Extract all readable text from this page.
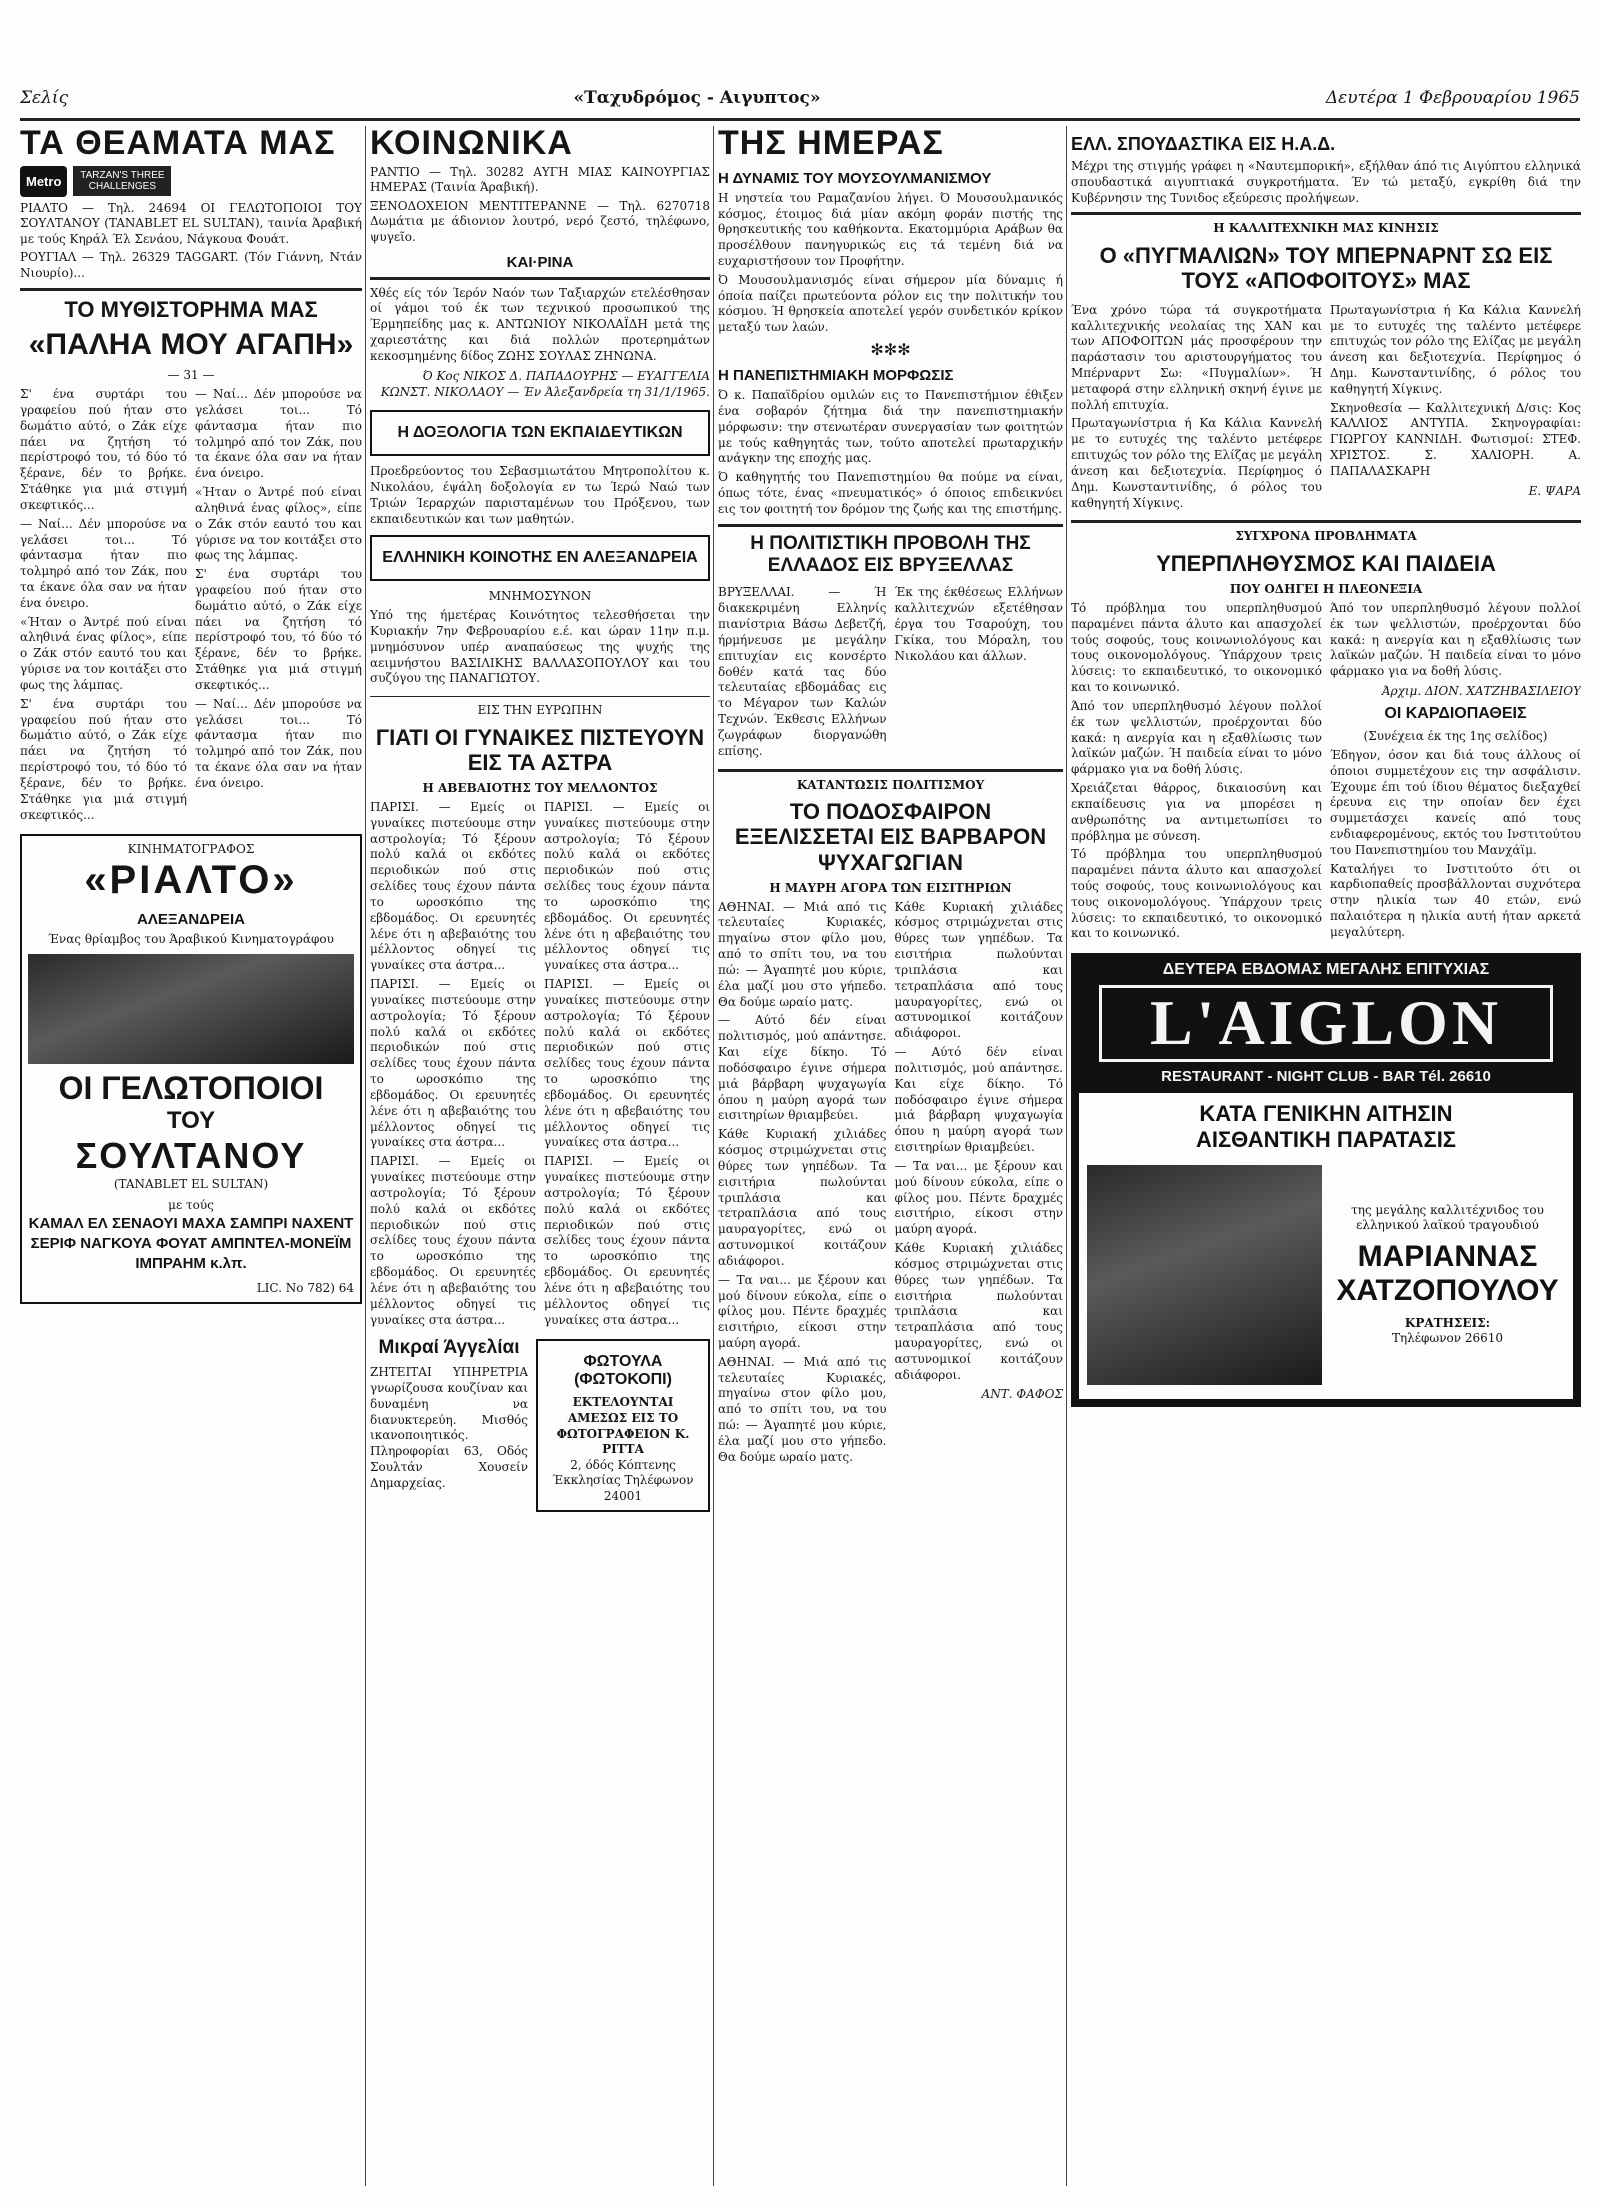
Σελίς	«Ταχυδρόμος - Αιγυπτος»	Δευτέρα 1 Φεβρουαρίου 1965
ΤΑ ΘΕΑΜΑΤΑ ΜΑΣ
Metro	TARZAN'S THREE CHALLENGES

ΡΙΑΛΤΟ — Τηλ. 24694 ΟΙ ΓΕΛΩΤΟΠΟΙΟΙ ΤΟΥ ΣΟΥΛΤΑΝΟΥ (TANABLET EL SULTAN), ταινία Άραβική με τούς Κηράλ Έλ Σενάου, Νάγκουα Φουάτ.

ΡΟΥΓΙΑΛ — Τηλ. 26329 TAGGART. (Τόν Γιάννη, Ντάν Νιουρίο)...

ΤΟ ΜΥΘΙΣΤΟΡΗΜΑ ΜΑΣ
«ΠΑΛΗΑ ΜΟΥ ΑΓΑΠΗ»
— 31 —

Σ' ένα συρτάρι του γραφείου πού ήταν στο δωμάτιο αύτό, ο Ζάκ είχε πάει να ζητήση τό περίστροφό του, τό δύο τό ξέρανε, δέν το βρήκε. Στάθηκε για μιά στιγμή σκεφτικός...

— Ναί... Δέν μπορούσε να γελάσει τοι... Τό φάντασμα ήταν πιο τολμηρό από τον Ζάκ, που τα έκανε όλα σαν να ήταν ένα όνειρο.

«Ήταν ο Άντρέ πού είναι αληθινά ένας φίλος», είπε ο Ζάκ στόν εαυτό του και γύρισε να τον κοιτάξει στο φως της λάμπας.

Σ' ένα συρτάρι του γραφείου πού ήταν στο δωμάτιο αύτό, ο Ζάκ είχε πάει να ζητήση τό περίστροφό του, τό δύο τό ξέρανε, δέν το βρήκε. Στάθηκε για μιά στιγμή σκεφτικός...

— Ναί... Δέν μπορούσε να γελάσει τοι... Τό φάντασμα ήταν πιο τολμηρό από τον Ζάκ, που τα έκανε όλα σαν να ήταν ένα όνειρο.

«Ήταν ο Άντρέ πού είναι αληθινά ένας φίλος», είπε ο Ζάκ στόν εαυτό του και γύρισε να τον κοιτάξει στο φως της λάμπας.

Σ' ένα συρτάρι του γραφείου πού ήταν στο δωμάτιο αύτό, ο Ζάκ είχε πάει να ζητήση τό περίστροφό του, τό δύο τό ξέρανε, δέν το βρήκε. Στάθηκε για μιά στιγμή σκεφτικός...

— Ναί... Δέν μπορούσε να γελάσει τοι... Τό φάντασμα ήταν πιο τολμηρό από τον Ζάκ, που τα έκανε όλα σαν να ήταν ένα όνειρο.

ΚΙΝΗΜΑΤΟΓΡΑΦΟΣ
«ΡΙΑΛΤΟ»
ΑΛΕΞΑΝΔΡΕΙΑ
Ένας θρίαμβος του Άραβικού Κινηματογράφου
ΟΙ ΓΕΛΩΤΟΠΟΙΟΙ
ΤΟΥ
ΣΟΥΛΤΑΝΟΥ
(TANABLET EL SULTAN)
με τούς
ΚΑΜΑΛ ΕΛ ΣΕΝΑΟΥΙ ΜΑΧΑ ΣΑΜΠΡΙ ΝΑΧΕΝΤ ΣΕΡΙΦ ΝΑΓΚΟΥΑ ΦΟΥΑΤ ΑΜΠΝΤΕΛ-ΜΟΝΕΪΜ ΙΜΠΡΑΗΜ κ.λπ.
LIC. No 782) 64
ΚΟΙΝΩΝΙΚΑ

ΡΑΝΤΙΟ — Τηλ. 30282 ΑΥΓΗ ΜΙΑΣ ΚΑΙΝΟΥΡΓΙΑΣ ΗΜΕΡΑΣ (Ταινία Άραβική).

ΞΕΝΟΔΟΧΕΙΟΝ ΜΕΝΤΙΤΕΡΑΝΝΕ — Τηλ. 6270718 Δωμάτια με άδιονιον λουτρό, νερό ζεστό, τηλέφωνο, ψυγεῖο.

ΚΑΙ·ΡΙΝΑ

Χθές είς τόν Ίερόν Ναόν των Ταξιαρχών ετελέσθησαν οί γάμοι τού έκ των τεχνικού προσωπικού της Έρμηπείδης μας κ. ΑΝΤΩΝΙΟΥ ΝΙΚΟΛΑΪΔΗ μετά της χαριεστάτης και διά πολλών προτερημάτων κεκοσμημένης δίδος ΖΩΗΣ ΣΟΥΛΑΣ ΖΗΝΩΝΑ.

Ό Κος ΝΙΚΟΣ Δ. ΠΑΠΑΔΟΥΡΗΣ — ΕΥΑΓΓΕΛΙΑ ΚΩΝΣΤ. ΝΙΚΟΛΑΟΥ — Έν Άλεξανδρεία τη 31/1/1965.

Η ΔΟΞΟΛΟΓΙΑ ΤΩΝ ΕΚΠΑΙΔΕΥΤΙΚΩΝ

Προεδρεύοντος του Σεβασμιωτάτου Μητροπολίτου κ. Νικολάου, έψάλη δοξολογία εν τω Ίερώ Ναώ των Τριών Ίεραρχών παρισταμένων του Πρόξενου, των εκπαιδευτικών και των μαθητών.

ΕΛΛΗΝΙΚΗ ΚΟΙΝΟΤΗΣ ΕΝ ΑΛΕΞΑΝΔΡΕΙΑ
ΜΝΗΜΟΣΥΝΟΝ

Υπό της ήμετέρας Κοινότητος τελεσθήσεται την Κυριακήν 7ην Φεβρουαρίου ε.έ. και ώραν 11ην π.μ. μνημόσυνον υπέρ αναπαύσεως της ψυχής της αειμνήστου ΒΑΣΙΛΙΚΗΣ ΒΑΛΛΑΣΟΠΟΥΛΟΥ και του συζύγου της ΠΑΝΑΓΙΩΤΟΥ.

ΕΙΣ ΤΗΝ ΕΥΡΩΠΗΝ
ΓΙΑΤΙ ΟΙ ΓΥΝΑΙΚΕΣ ΠΙΣΤΕΥΟΥΝ ΕΙΣ ΤΑ ΑΣΤΡΑ
Η ΑΒΕΒΑΙΟΤΗΣ ΤΟΥ ΜΕΛΛΟΝΤΟΣ

ΠΑΡΙΣΙ. — Εμείς οι γυναίκες πιστεύουμε στην αστρολογία; Τό ξέρουν πολύ καλά οι εκδότες περιοδικών πού στις σελίδες τους έχουν πάντα το ωροσκόπιο της εβδομάδος. Οι ερευνητές λένε ότι η αβεβαιότης του μέλλοντος οδηγεί τις γυναίκες στα άστρα...

ΠΑΡΙΣΙ. — Εμείς οι γυναίκες πιστεύουμε στην αστρολογία; Τό ξέρουν πολύ καλά οι εκδότες περιοδικών πού στις σελίδες τους έχουν πάντα το ωροσκόπιο της εβδομάδος. Οι ερευνητές λένε ότι η αβεβαιότης του μέλλοντος οδηγεί τις γυναίκες στα άστρα...

ΠΑΡΙΣΙ. — Εμείς οι γυναίκες πιστεύουμε στην αστρολογία; Τό ξέρουν πολύ καλά οι εκδότες περιοδικών πού στις σελίδες τους έχουν πάντα το ωροσκόπιο της εβδομάδος. Οι ερευνητές λένε ότι η αβεβαιότης του μέλλοντος οδηγεί τις γυναίκες στα άστρα...

ΠΑΡΙΣΙ. — Εμείς οι γυναίκες πιστεύουμε στην αστρολογία; Τό ξέρουν πολύ καλά οι εκδότες περιοδικών πού στις σελίδες τους έχουν πάντα το ωροσκόπιο της εβδομάδος. Οι ερευνητές λένε ότι η αβεβαιότης του μέλλοντος οδηγεί τις γυναίκες στα άστρα...

ΠΑΡΙΣΙ. — Εμείς οι γυναίκες πιστεύουμε στην αστρολογία; Τό ξέρουν πολύ καλά οι εκδότες περιοδικών πού στις σελίδες τους έχουν πάντα το ωροσκόπιο της εβδομάδος. Οι ερευνητές λένε ότι η αβεβαιότης του μέλλοντος οδηγεί τις γυναίκες στα άστρα...

ΠΑΡΙΣΙ. — Εμείς οι γυναίκες πιστεύουμε στην αστρολογία; Τό ξέρουν πολύ καλά οι εκδότες περιοδικών πού στις σελίδες τους έχουν πάντα το ωροσκόπιο της εβδομάδος. Οι ερευνητές λένε ότι η αβεβαιότης του μέλλοντος οδηγεί τις γυναίκες στα άστρα...

Μικραί Άγγελίαι

ΖΗΤΕΙΤΑΙ ΥΠΗΡΕΤΡΙΑ γνωρίζουσα κουζίναν και δυναμένη να διανυκτερεύη. Μισθός ικανοποιητικός. Πληροφορίαι 63, Οδός Σουλτάν Χουσείν Δημαρχείας.

ΦΩΤΟΥΛΑ (ΦΩΤΟΚΟΠΙ)
ΕΚΤΕΛΟΥΝΤΑΙ ΑΜΕΣΩΣ ΕΙΣ ΤΟ ΦΩΤΟΓΡΑΦΕΙΟΝ Κ. ΡΙΤΤΑ
2, όδός Κόπτενης Έκκλησίας Τηλέφωνον 24001
ΤΗΣ ΗΜΕΡΑΣ
Η ΔΥΝΑΜΙΣ ΤΟΥ ΜΟΥΣΟΥΛΜΑΝΙΣΜΟΥ

Η νηστεία του Ραμαζανίου λήγει. Ό Μουσουλμανικός κόσμος, έτοιμος διά μίαν ακόμη φοράν πιστής της θρησκευτικής του καθήκοντα. Εκατομμύρια Αράβων θα προσέλθουν πανηγυρικώς εις τά τεμένη διά να ευχαριστήσουν τον Προφήτην.

Ό Μουσουλμανισμός είναι σήμερον μία δύναμις ή όποία παίζει πρωτεύοντα ρόλον εις την πολιτικήν του κόσμου. Ή θρησκεία αποτελεί γερόν συνδετικόν κρίκον μεταξύ των λαών.

✻✻✻
Η ΠΑΝΕΠΙΣΤΗΜΙΑΚΗ ΜΟΡΦΩΣΙΣ

Ό κ. Παπαϊδρίου ομιλών εις το Πανεπιστήμιον έθιξεν ένα σοβαρόν ζήτημα διά την πανεπιστημιακήν μόρφωσιν: την στενωτέραν συνεργασίαν των φοιτητών με τούς καθηγητάς των, τούτο αποτελεί πρωταρχικήν ανάγκην της εποχής μας.

Ό καθηγητής του Πανεπιστημίου θα πούμε να είναι, όπως τότε, ένας «πνευματικός» ό όποιος επιδεικνύει εις τον φοιτητή τον δρόμον της ζωής και της επιστήμης.

Η ΠΟΛΙΤΙΣΤΙΚΗ ΠΡΟΒΟΛΗ ΤΗΣ ΕΛΛΑΔΟΣ ΕΙΣ ΒΡΥΞΕΛΛΑΣ

ΒΡΥΞΕΛΛΑΙ. — Ή διακεκριμένη Ελληνίς πιανίστρια Βάσω Δεβετζή, ήρμήνευσε με μεγάλην επιτυχίαν εις κονσέρτο δοθέν κατά τας δύο τελευταίας εβδομάδας εις το Μέγαρον των Καλών Τεχνών. Έκθεσις Ελλήνων ζωγράφων διοργανώθη επίσης.

Έκ της έκθέσεως Ελλήνων καλλιτεχνών εξετέθησαν έργα του Τσαρούχη, του Γκίκα, του Μόραλη, του Νικολάου και άλλων.

ΚΑΤΑΝΤΩΣΙΣ ΠΟΛΙΤΙΣΜΟΥ
ΤΟ ΠΟΔΟΣΦΑΙΡΟΝ ΕΞΕΛΙΣΣΕΤΑΙ ΕΙΣ ΒΑΡΒΑΡΟΝ ΨΥΧΑΓΩΓΙΑΝ
Η ΜΑΥΡΗ ΑΓΟΡΑ ΤΩΝ ΕΙΣΙΤΗΡΙΩΝ

ΑΘΗΝΑΙ. — Μιά από τις τελευταίες Κυριακές, πηγαίνω στον φίλο μου, από το σπίτι του, να του πώ: — Άγαπητέ μου κύριε, έλα μαζί μου στο γήπεδο. Θα δούμε ωραίο ματς.

— Αύτό δέν είναι πολιτισμός, μού απάντησε. Και είχε δίκηο. Τό ποδόσφαιρο έγινε σήμερα μιά βάρβαρη ψυχαγωγία όπου η μαύρη αγορά των εισιτηρίων θριαμβεύει.

Κάθε Κυριακή χιλιάδες κόσμος στριμώχνεται στις θύρες των γηπέδων. Τα εισιτήρια πωλούνται τριπλάσια και τετραπλάσια από τους μαυραγορίτες, ενώ οι αστυνομικοί κοιτάζουν αδιάφοροι.

— Τα ναι... με ξέρουν και μού δίνουν εύκολα, είπε ο φίλος μου. Πέντε δραχμές εισιτήριο, είκοσι στην μαύρη αγορά.

ΑΘΗΝΑΙ. — Μιά από τις τελευταίες Κυριακές, πηγαίνω στον φίλο μου, από το σπίτι του, να του πώ: — Άγαπητέ μου κύριε, έλα μαζί μου στο γήπεδο. Θα δούμε ωραίο ματς.

Κάθε Κυριακή χιλιάδες κόσμος στριμώχνεται στις θύρες των γηπέδων. Τα εισιτήρια πωλούνται τριπλάσια και τετραπλάσια από τους μαυραγορίτες, ενώ οι αστυνομικοί κοιτάζουν αδιάφοροι.

— Αύτό δέν είναι πολιτισμός, μού απάντησε. Και είχε δίκηο. Τό ποδόσφαιρο έγινε σήμερα μιά βάρβαρη ψυχαγωγία όπου η μαύρη αγορά των εισιτηρίων θριαμβεύει.

— Τα ναι... με ξέρουν και μού δίνουν εύκολα, είπε ο φίλος μου. Πέντε δραχμές εισιτήριο, είκοσι στην μαύρη αγορά.

Κάθε Κυριακή χιλιάδες κόσμος στριμώχνεται στις θύρες των γηπέδων. Τα εισιτήρια πωλούνται τριπλάσια και τετραπλάσια από τους μαυραγορίτες, ενώ οι αστυνομικοί κοιτάζουν αδιάφοροι.

ΑΝΤ. ΦΑΦΟΣ

ΕΛΛ. ΣΠΟΥΔΑΣΤΙΚΑ ΕΙΣ Η.Α.Δ.

Μέχρι της στιγμής γράφει η «Ναυτεμπορική», εξήλθαν άπό τις Αιγύπτου ελληνικά σπουδαστικά αιγυπτιακά συγκροτήματα. Έν τώ μεταξύ, εγκρίθη διά την Κυβέρνησιν της Τυνιδος εξεύρεσις προλήψεων.

Η ΚΑΛΛΙΤΕΧΝΙΚΗ ΜΑΣ ΚΙΝΗΣΙΣ
Ο «ΠΥΓΜΑΛΙΩΝ» ΤΟΥ ΜΠΕΡΝΑΡΝΤ ΣΩ ΕΙΣ ΤΟΥΣ «ΑΠΟΦΟΙΤΟΥΣ» ΜΑΣ

Ένα χρόνο τώρα τά συγκροτήματα καλλιτεχνικής νεολαίας της ΧΑΝ και των ΑΠΟΦΟΙΤΩΝ μάς προσφέρουν την παράστασιν του αριστουργήματος του Μπέρναρντ Σω: «Πυγμαλίων». Ή μεταφορά στην ελληνική σκηνή έγινε με πολλή επιτυχία.

Πρωταγωνίστρια ή Κα Κάλια Καννελή με το ευτυχές της ταλέντο μετέφερε επιτυχώς τον ρόλο της Ελίζας με μεγάλη άνεση και δεξιοτεχνία. Περίφημος ό Δημ. Κωνσταντινίδης, ό ρόλος του καθηγητή Χίγκινς.

Πρωταγωνίστρια ή Κα Κάλια Καννελή με το ευτυχές της ταλέντο μετέφερε επιτυχώς τον ρόλο της Ελίζας με μεγάλη άνεση και δεξιοτεχνία. Περίφημος ό Δημ. Κωνσταντινίδης, ό ρόλος του καθηγητή Χίγκινς.

Σκηνοθεσία — Καλλιτεχνική Δ/σις: Κος ΚΑΛΛΙΟΣ ΑΝΤΥΠΑ. Σκηνογραφίαι: ΓΙΩΡΓΟΥ ΚΑΝΝΙΔΗ. Φωτισμοί: ΣΤΕΦ. ΧΡΙΣΤΟΣ. Σ. ΧΑΛΙΟΡΗ. Α. ΠΑΠΑΛΑΣΚΑΡΗ

Ε. ΨΑΡΑ

ΣΥΓΧΡΟΝΑ ΠΡΟΒΛΗΜΑΤΑ
ΥΠΕΡΠΛΗΘΥΣΜΟΣ ΚΑΙ ΠΑΙΔΕΙΑ
ΠΟΥ ΟΔΗΓΕΙ Η ΠΛΕΟΝΕΞΙΑ

Τό πρόβλημα του υπερπληθυσμού παραμένει πάντα άλυτο και απασχολεί τούς σοφούς, τους κοινωνιολόγους και τους οικονομολόγους. Ύπάρχουν τρεις λύσεις: το εκπαιδευτικό, το οικονομικό και το κοινωνικό.

Άπό τον υπερπληθυσμό λέγουν πολλοί έκ των ψελλιστών, προέρχονται δύο κακά: η ανεργία και η εξαθλίωσις των λαϊκών μαζών. Ή παιδεία είναι το μόνο φάρμακο για να δοθή λύσις.

Χρειάζεται θάρρος, δικαιοσύνη και εκπαίδευσις για να μπορέσει η ανθρωπότης να αντιμετωπίσει το πρόβλημα με σύνεση.

Τό πρόβλημα του υπερπληθυσμού παραμένει πάντα άλυτο και απασχολεί τούς σοφούς, τους κοινωνιολόγους και τους οικονομολόγους. Ύπάρχουν τρεις λύσεις: το εκπαιδευτικό, το οικονομικό και το κοινωνικό.

Άπό τον υπερπληθυσμό λέγουν πολλοί έκ των ψελλιστών, προέρχονται δύο κακά: η ανεργία και η εξαθλίωσις των λαϊκών μαζών. Ή παιδεία είναι το μόνο φάρμακο για να δοθή λύσις.

Άρχιμ. ΔΙΟΝ. ΧΑΤΖΗΒΑΣΙΛΕΙΟΥ

ΟΙ ΚΑΡΔΙΟΠΑΘΕΙΣ
(Συνέχεια έκ της 1ης σελίδος)

Έδηγον, όσον και διά τους άλλους οί όποιοι συμμετέχουν εις την ασφάλισιν. Έχουμε έπι τού ίδιου θέματος διεξαχθεί έρευνα εις την οποίαν δεν έχει συμμετάσχει κανείς από τους ενδιαφερομένους, εκτός του Ινστιτούτου του Πανεπιστημίου του Μανχάϊμ.

Καταλήγει το Ινστιτούτο ότι οι καρδιοπαθείς προσβάλλονται συχνότερα στην ηλικία των 40 ετών, ενώ παλαιότερα η ηλικία αυτή ήταν αρκετά μεγαλύτερη.

ΔΕΥΤΕΡΑ ΕΒΔΟΜΑΣ ΜΕΓΑΛΗΣ ΕΠΙΤΥΧΙΑΣ
L'AIGLON
RESTAURANT - NIGHT CLUB - BAR Tél. 26610
ΚΑΤΑ ΓΕΝΙΚΗΝ ΑΙΤΗΣΙΝ
ΑΙΣΘΑΝΤΙΚΗ ΠΑΡΑΤΑΣΙΣ
της μεγάλης καλλιτέχνιδος του ελληνικού λαϊκού τραγουδιού
ΜΑΡΙΑΝΝΑΣ
ΧΑΤΖΟΠΟΥΛΟΥ
ΚΡΑΤΗΣΕΙΣ:
Τηλέφωνον 26610
